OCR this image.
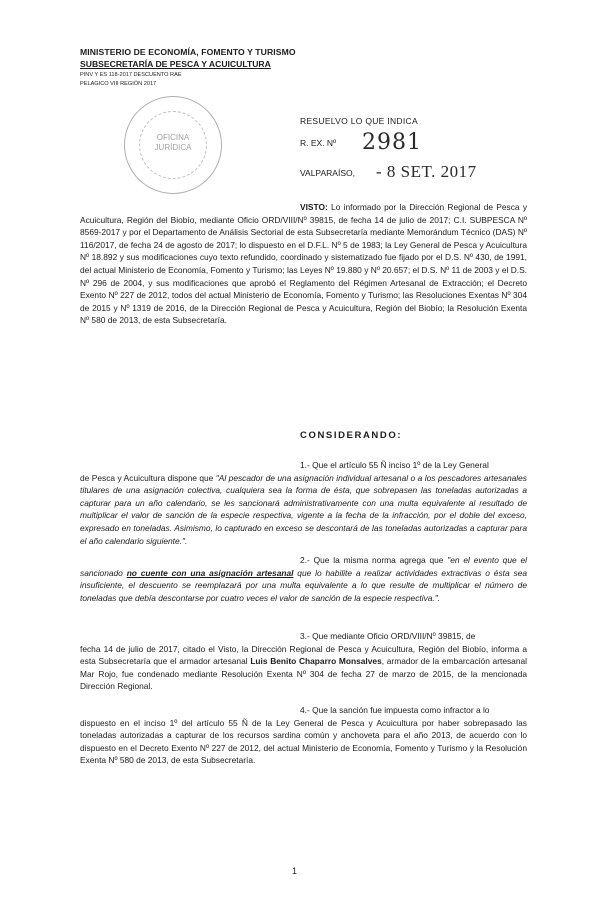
MINISTERIO DE ECONOMÍA, FOMENTO Y TURISMO
SUBSECRETARÍA DE PESCA Y ACUICULTURA
PINV Y ES 118-2017 DESCUENTO RAE
PELAGICO VIII REGIÓN 2017
OFICINA
JURÍDICA
RESUELVO LO QUE INDICA
R. EX. Nº 2981
VALPARAÍSO, - 8 SET. 2017
VISTO: Lo informado por la Dirección Regional de Pesca y Acuicultura, Región del Biobío, mediante Oficio ORD/VIII/Nº 39815, de fecha 14 de julio de 2017; C.I. SUBPESCA Nº 8569-2017 y por el Departamento de Análisis Sectorial de esta Subsecretaría mediante Memorándum Técnico (DAS) Nº 116/2017, de fecha 24 de agosto de 2017; lo dispuesto en el D.F.L. Nº 5 de 1983; la Ley General de Pesca y Acuicultura Nº 18.892 y sus modificaciones cuyo texto refundido, coordinado y sistematizado fue fijado por el D.S. Nº 430, de 1991, del actual Ministerio de Economía, Fomento y Turismo; las Leyes Nº 19.880 y Nº 20.657; el D.S. Nº 11 de 2003 y el D.S. Nº 296 de 2004, y sus modificaciones que aprobó el Reglamento del Régimen Artesanal de Extracción; el Decreto Exento Nº 227 de 2012, todos del actual Ministerio de Economía, Fomento y Turismo; las Resoluciones Exentas Nº 304 de 2015 y Nº 1319 de 2016, de la Dirección Regional de Pesca y Acuicultura, Región del Biobío; la Resolución Exenta Nº 580 de 2013, de esta Subsecretaría.
CONSIDERANDO:
1.- Que el artículo 55 Ñ inciso 1º de la Ley General
de Pesca y Acuicultura dispone que "Al pescador de una asignación individual artesanal o a los pescadores artesanales titulares de una asignación colectiva, cualquiera sea la forma de ésta, que sobrepasen las toneladas autorizadas a capturar para un año calendario, se les sancionará administrativamente con una multa equivalente al resultado de multiplicar el valor de sanción de la especie respectiva, vigente a la fecha de la infracción, por el doble del exceso, expresado en toneladas. Asimismo, lo capturado en exceso se descontará de las toneladas autorizadas a capturar para el año calendario siguiente.".
2.- Que la misma norma agrega que "en el evento que el sancionado no cuente con una asignación artesanal que lo habilite a realizar actividades extractivas o ésta sea insuficiente, el descuento se reemplazará por una multa equivalente a lo que resulte de multiplicar el número de toneladas que debía descontarse por cuatro veces el valor de sanción de la especie respectiva.".
3.- Que mediante Oficio ORD/VIII/Nº 39815, de
fecha 14 de julio de 2017, citado el Visto, la Dirección Regional de Pesca y Acuicultura, Región del Biobío, informa a esta Subsecretaría que el armador artesanal Luis Benito Chaparro Monsalves, armador de la embarcación artesanal Mar Rojo, fue condenado mediante Resolución Exenta Nº 304 de fecha 27 de marzo de 2015, de la mencionada Dirección Regional.
4.- Que la sanción fue impuesta como infractor a lo
dispuesto en el inciso 1º del artículo 55 Ñ de la Ley General de Pesca y Acuicultura por haber sobrepasado las toneladas autorizadas a capturar de los recursos sardina común y anchoveta para el año 2013, de acuerdo con lo dispuesto en el Decreto Exento Nº 227 de 2012, del actual Ministerio de Economía, Fomento y Turismo y la Resolución Exenta Nº 580 de 2013, de esta Subsecretaría.
1
